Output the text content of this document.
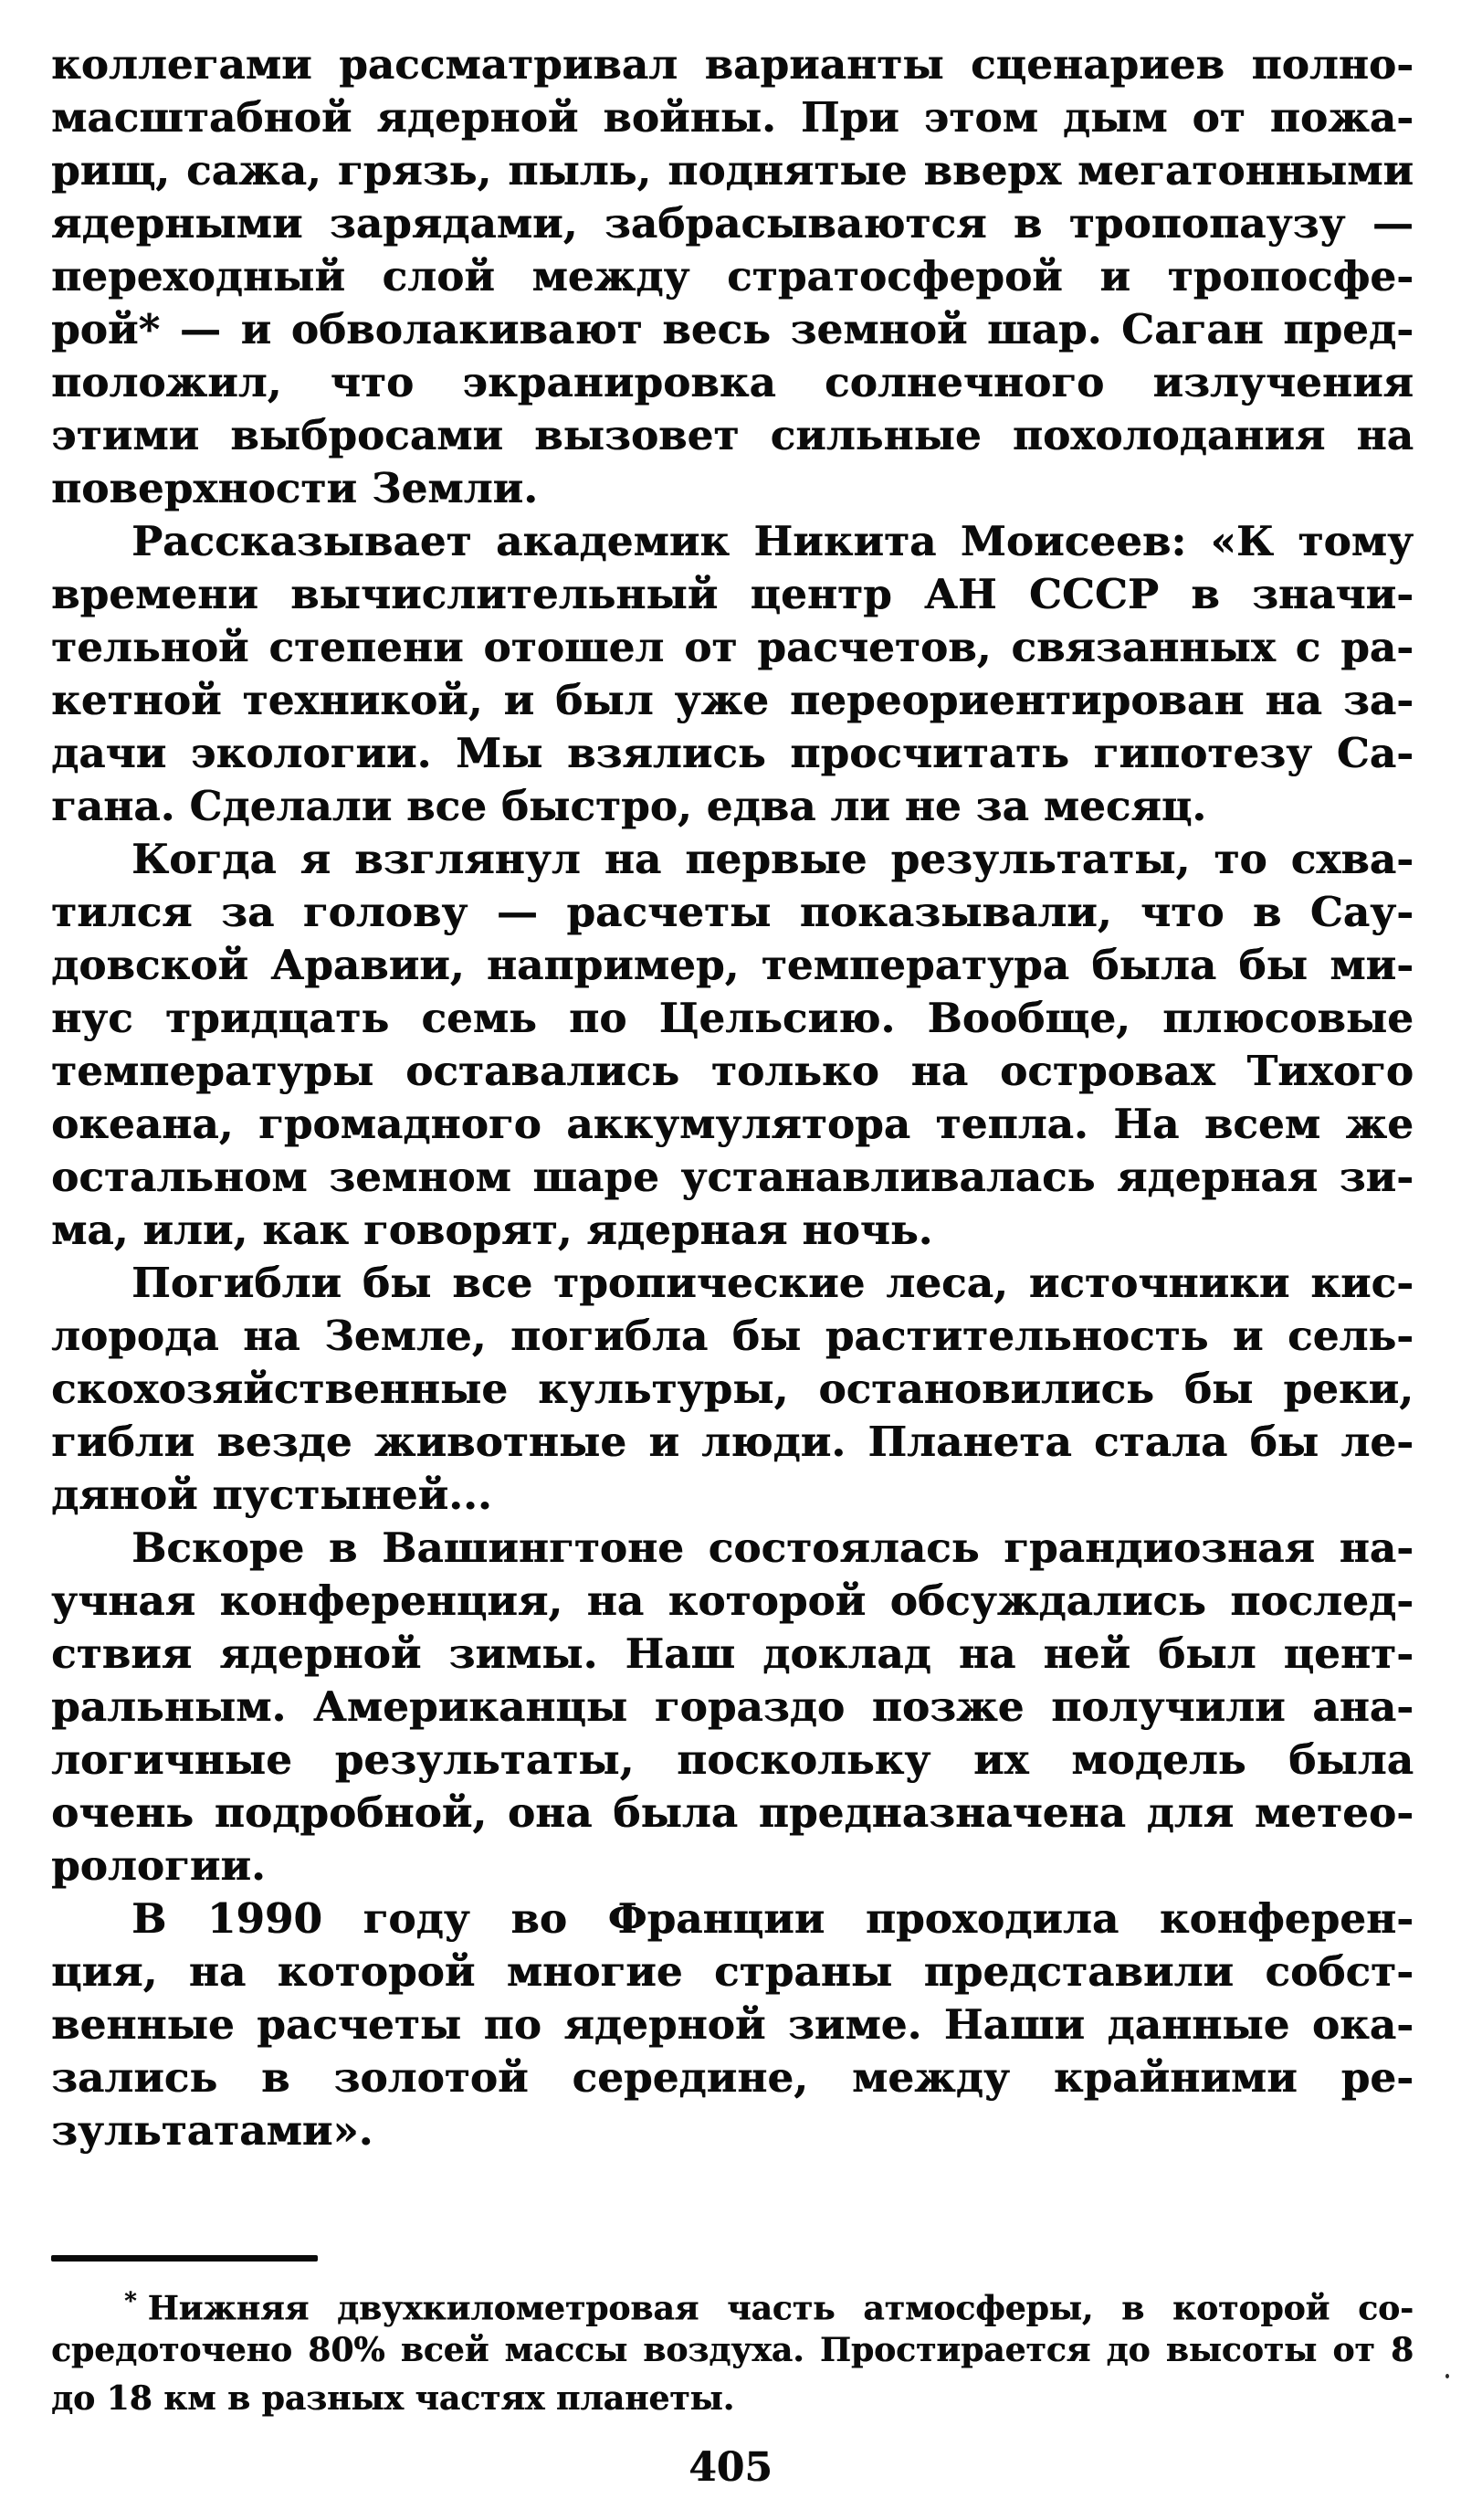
коллегами рассматривал варианты сценариев полно-
масштабной ядерной войны. При этом дым от пожа-
рищ, сажа, грязь, пыль, поднятые вверх мегатонными
ядерными зарядами, забрасываются в тропопаузу —
переходный слой между стратосферой и тропосфе-
рой* — и обволакивают весь земной шар. Саган пред-
положил, что экранировка солнечного излучения
этими выбросами вызовет сильные похолодания на
поверхности Земли.
Рассказывает академик Никита Моисеев: «К тому
времени вычислительный центр АН СССР в значи-
тельной степени отошел от расчетов, связанных с ра-
кетной техникой, и был уже переориентирован на за-
дачи экологии. Мы взялись просчитать гипотезу Са-
гана. Сделали все быстро, едва ли не за месяц.
Когда я взглянул на первые результаты, то схва-
тился за голову — расчеты показывали, что в Сау-
довской Аравии, например, температура была бы ми-
нус тридцать семь по Цельсию. Вообще, плюсовые
температуры оставались только на островах Тихого
океана, громадного аккумулятора тепла. На всем же
остальном земном шаре устанавливалась ядерная зи-
ма, или, как говорят, ядерная ночь.
Погибли бы все тропические леса, источники кис-
лорода на Земле, погибла бы растительность и сель-
скохозяйственные культуры, остановились бы реки,
гибли везде животные и люди. Планета стала бы ле-
дяной пустыней...
Вскоре в Вашингтоне состоялась грандиозная на-
учная конференция, на которой обсуждались послед-
ствия ядерной зимы. Наш доклад на ней был цент-
ральным. Американцы гораздо позже получили ана-
логичные результаты, поскольку их модель была
очень подробной, она была предназначена для метео-
рологии.
В 1990 году во Франции проходила конферен-
ция, на которой многие страны представили собст-
венные расчеты по ядерной зиме. Наши данные ока-
зались в золотой середине, между крайними ре-
зультатами».
* Нижняя двухкилометровая часть атмосферы, в которой со-
средоточено 80% всей массы воздуха. Простирается до высоты от 8
до 18 км в разных частях планеты.
405
